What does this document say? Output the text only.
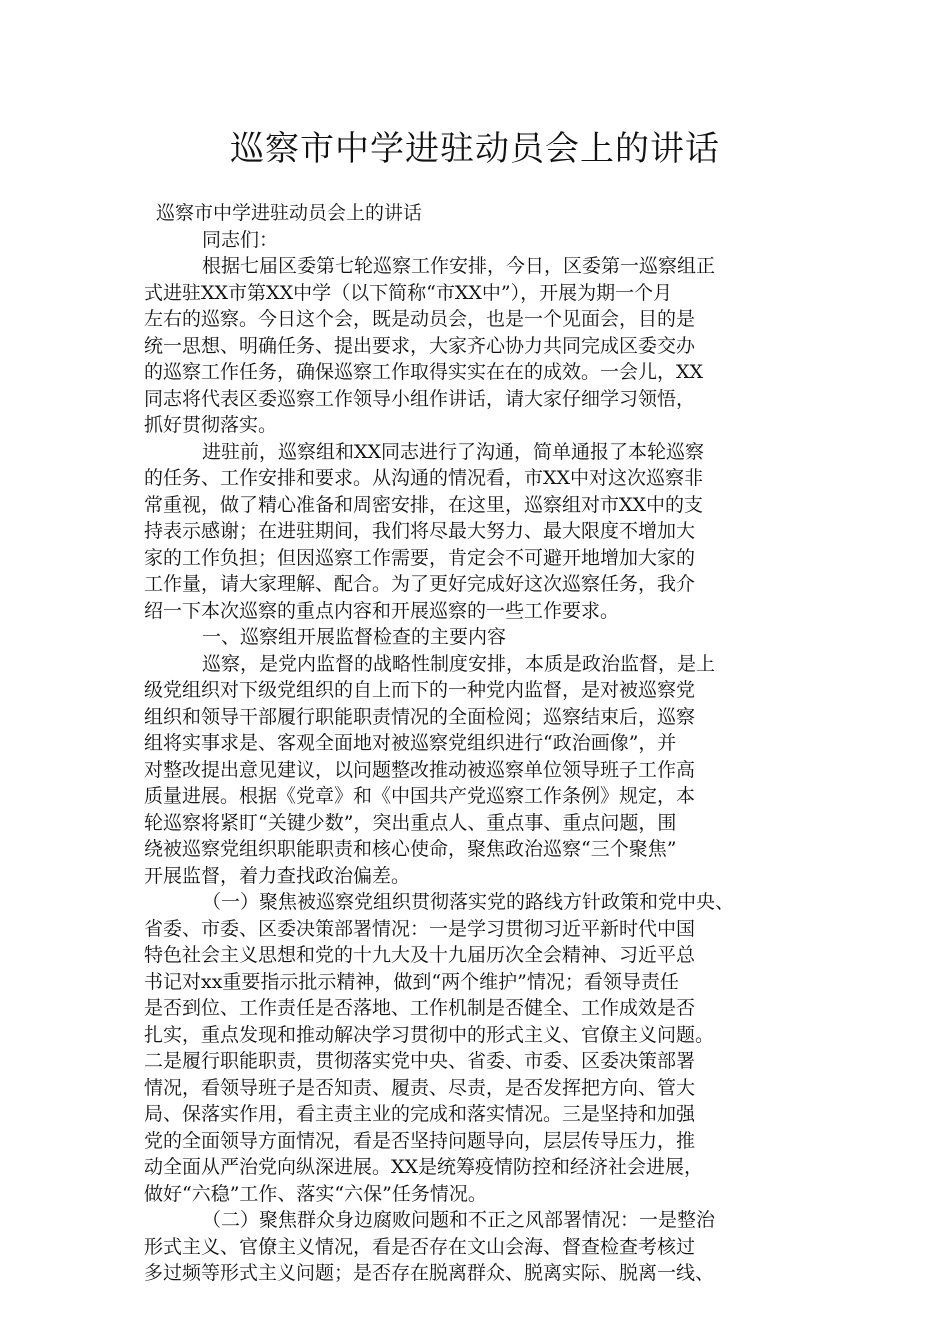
巡察市中学进驻动员会上的讲话
巡察市中学进驻动员会上的讲话
同志们：
根据七届区委第七轮巡察工作安排，今日，区委第一巡察组正
式进驻XX市第XX中学（以下简称“市XX中”），开展为期一个月
左右的巡察。今日这个会，既是动员会，也是一个见面会，目的是
统一思想、明确任务、提出要求，大家齐心协力共同完成区委交办
的巡察工作任务，确保巡察工作取得实实在在的成效。一会儿，XX
同志将代表区委巡察工作领导小组作讲话，请大家仔细学习领悟，
抓好贯彻落实。
进驻前，巡察组和XX同志进行了沟通，简单通报了本轮巡察
的任务、工作安排和要求。从沟通的情况看，市XX中对这次巡察非
常重视，做了精心准备和周密安排，在这里，巡察组对市XX中的支
持表示感谢；在进驻期间，我们将尽最大努力、最大限度不增加大
家的工作负担；但因巡察工作需要，肯定会不可避开地增加大家的
工作量，请大家理解、配合。为了更好完成好这次巡察任务，我介
绍一下本次巡察的重点内容和开展巡察的一些工作要求。
一、巡察组开展监督检查的主要内容
巡察，是党内监督的战略性制度安排，本质是政治监督，是上
级党组织对下级党组织的自上而下的一种党内监督，是对被巡察党
组织和领导干部履行职能职责情况的全面检阅；巡察结束后，巡察
组将实事求是、客观全面地对被巡察党组织进行“政治画像”，并
对整改提出意见建议，以问题整改推动被巡察单位领导班子工作高
质量进展。根据《党章》和《中国共产党巡察工作条例》规定，本
轮巡察将紧盯“关键少数”，突出重点人、重点事、重点问题，围
绕被巡察党组织职能职责和核心使命，聚焦政治巡察“三个聚焦”
开展监督，着力查找政治偏差。
（一）聚焦被巡察党组织贯彻落实党的路线方针政策和党中央、
省委、市委、区委决策部署情况：一是学习贯彻习近平新时代中国
特色社会主义思想和党的十九大及十九届历次全会精神、习近平总
书记对xx重要指示批示精神，做到“两个维护”情况；看领导责任
是否到位、工作责任是否落地、工作机制是否健全、工作成效是否
扎实，重点发现和推动解决学习贯彻中的形式主义、官僚主义问题。
二是履行职能职责，贯彻落实党中央、省委、市委、区委决策部署
情况，看领导班子是否知责、履责、尽责，是否发挥把方向、管大
局、保落实作用，看主责主业的完成和落实情况。三是坚持和加强
党的全面领导方面情况，看是否坚持问题导向，层层传导压力，推
动全面从严治党向纵深进展。XX是统筹疫情防控和经济社会进展，
做好“六稳”工作、落实“六保”任务情况。
（二）聚焦群众身边腐败问题和不正之风部署情况：一是整治
形式主义、官僚主义情况，看是否存在文山会海、督查检查考核过
多过频等形式主义问题；是否存在脱离群众、脱离实际、脱离一线、
